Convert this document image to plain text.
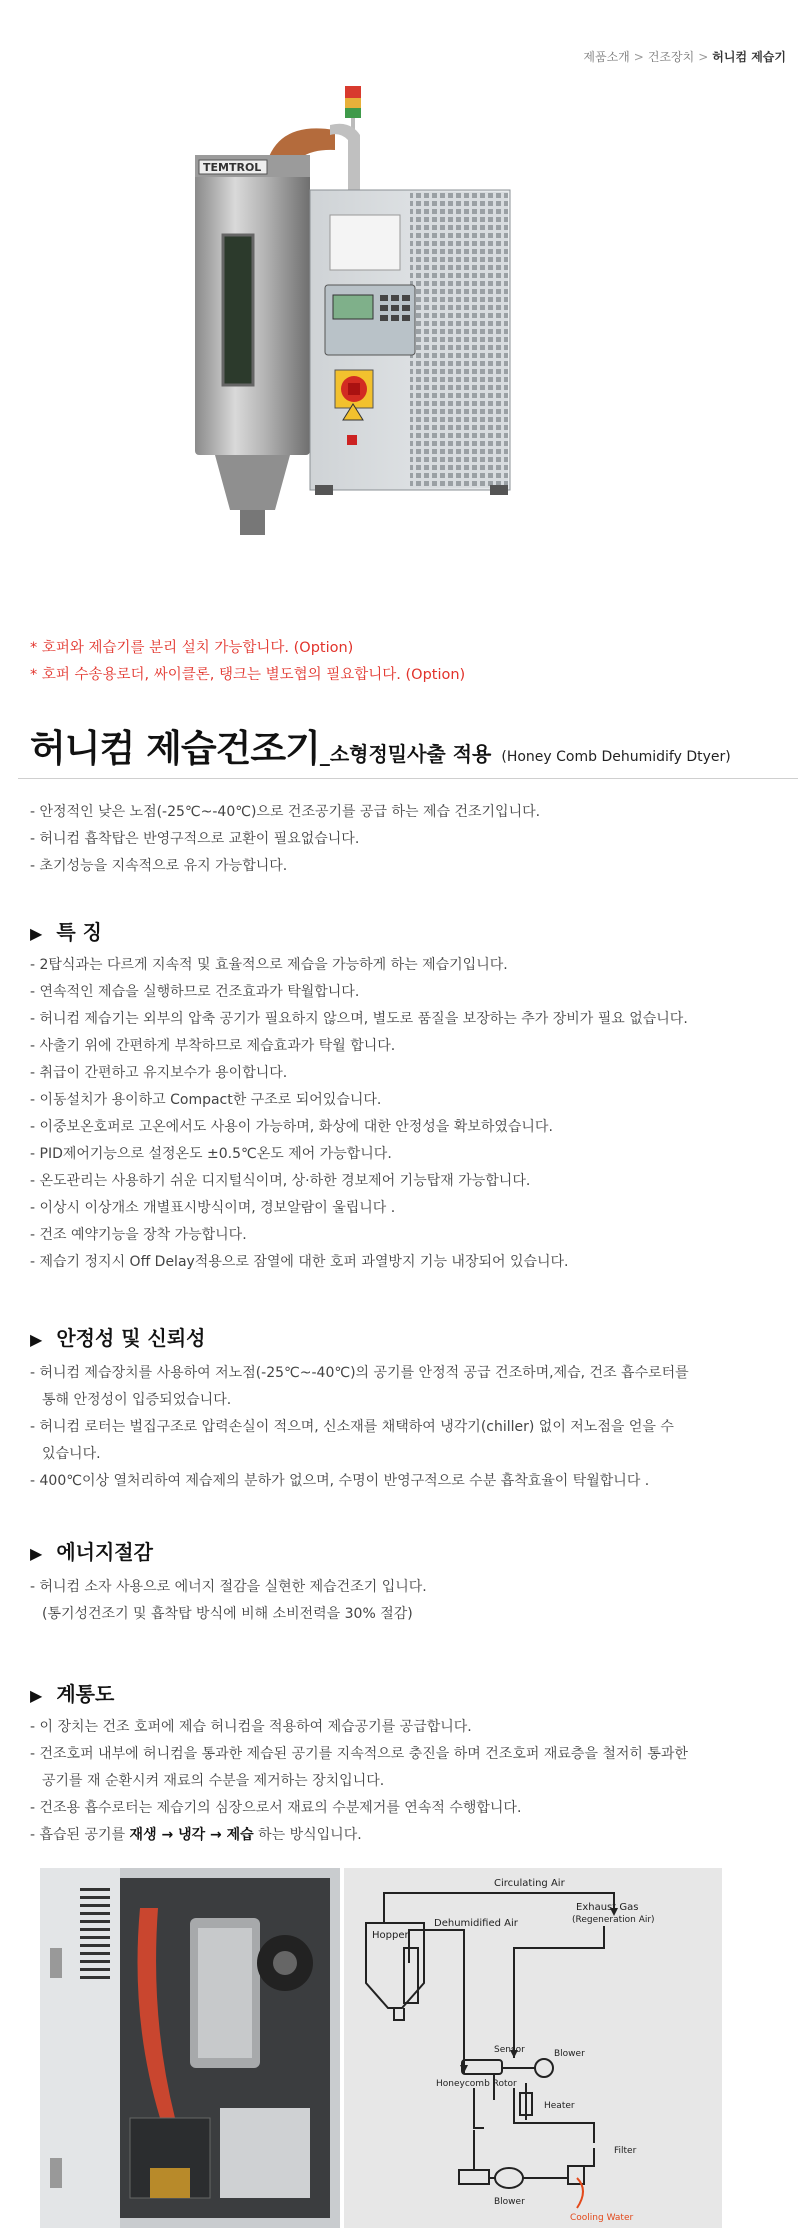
제품소개 > 건조장치 > 허니컴 제습기
TEMTROL
* 호퍼와 제습기를 분리 설치 가능합니다. (Option)
* 호퍼 수송용로더, 싸이클론, 탱크는 별도협의 필요합니다. (Option)
허니컴 제습건조기_소형정밀사출 적용 (Honey Comb Dehumidify Dtyer)
- 안정적인 낮은 노점(-25℃~-40℃)으로 건조공기를 공급 하는 제습 건조기입니다.
- 허니컴 흡착탑은 반영구적으로 교환이 필요없습니다.
- 초기성능을 지속적으로 유지 가능합니다.
▶ 특 징
- 2탑식과는 다르게 지속적 및 효율적으로 제습을 가능하게 하는 제습기입니다.
- 연속적인 제습을 실행하므로 건조효과가 탁월합니다.
- 허니컴 제습기는 외부의 압축 공기가 필요하지 않으며, 별도로 품질을 보장하는 추가 장비가 필요 없습니다.
- 사출기 위에 간편하게 부착하므로 제습효과가 탁월 합니다.
- 취급이 간편하고 유지보수가 용이합니다.
- 이동설치가 용이하고 Compact한 구조로 되어있습니다.
- 이중보온호퍼로 고온에서도 사용이 가능하며, 화상에 대한 안정성을 확보하였습니다.
- PID제어기능으로 설정온도 ±0.5℃온도 제어 가능합니다.
- 온도관리는 사용하기 쉬운 디지털식이며, 상·하한 경보제어 기능탑재 가능합니다.
- 이상시 이상개소 개별표시방식이며, 경보알람이 울립니다 .
- 건조 예약기능을 장착 가능합니다.
- 제습기 정지시 Off Delay적용으로 잠열에 대한 호퍼 과열방지 기능 내장되어 있습니다.
▶ 안정성 및 신뢰성
- 허니컴 제습장치를 사용하여 저노점(-25℃~-40℃)의 공기를 안정적 공급 건조하며,제습, 건조 흡수로터를
통해 안정성이 입증되었습니다.
- 허니컴 로터는 벌집구조로 압력손실이 적으며, 신소재를 채택하여 냉각기(chiller) 없이 저노점을 얻을 수
있습니다.
- 400℃이상 열처리하여 제습제의 분하가 없으며, 수명이 반영구적으로 수분 흡착효율이 탁월합니다 .
▶ 에너지절감
- 허니컴 소자 사용으로 에너지 절감을 실현한 제습건조기 입니다.
(통기성건조기 및 흡착탑 방식에 비해 소비전력을 30% 절감)
▶ 계통도
- 이 장치는 건조 호퍼에 제습 허니컴을 적용하여 제습공기를 공급합니다.
- 건조호퍼 내부에 허니컴을 통과한 제습된 공기를 지속적으로 충진을 하며 건조호퍼 재료층을 철저히 통과한
공기를 재 순환시켜 재료의 수분을 제거하는 장치입니다.
- 건조용 흡수로터는 제습기의 심장으로서 재료의 수분제거를 연속적 수행합니다.
- 흡습된 공기를 재생 → 냉각 → 제습 하는 방식입니다.
Circulating Air
Exhaust Gas
(Regeneration Air)
Hopper
Dehumidified Air
Sensor	Blower
Honeycomb Rotor
Heater
Filter
Blower
Cooling Water
